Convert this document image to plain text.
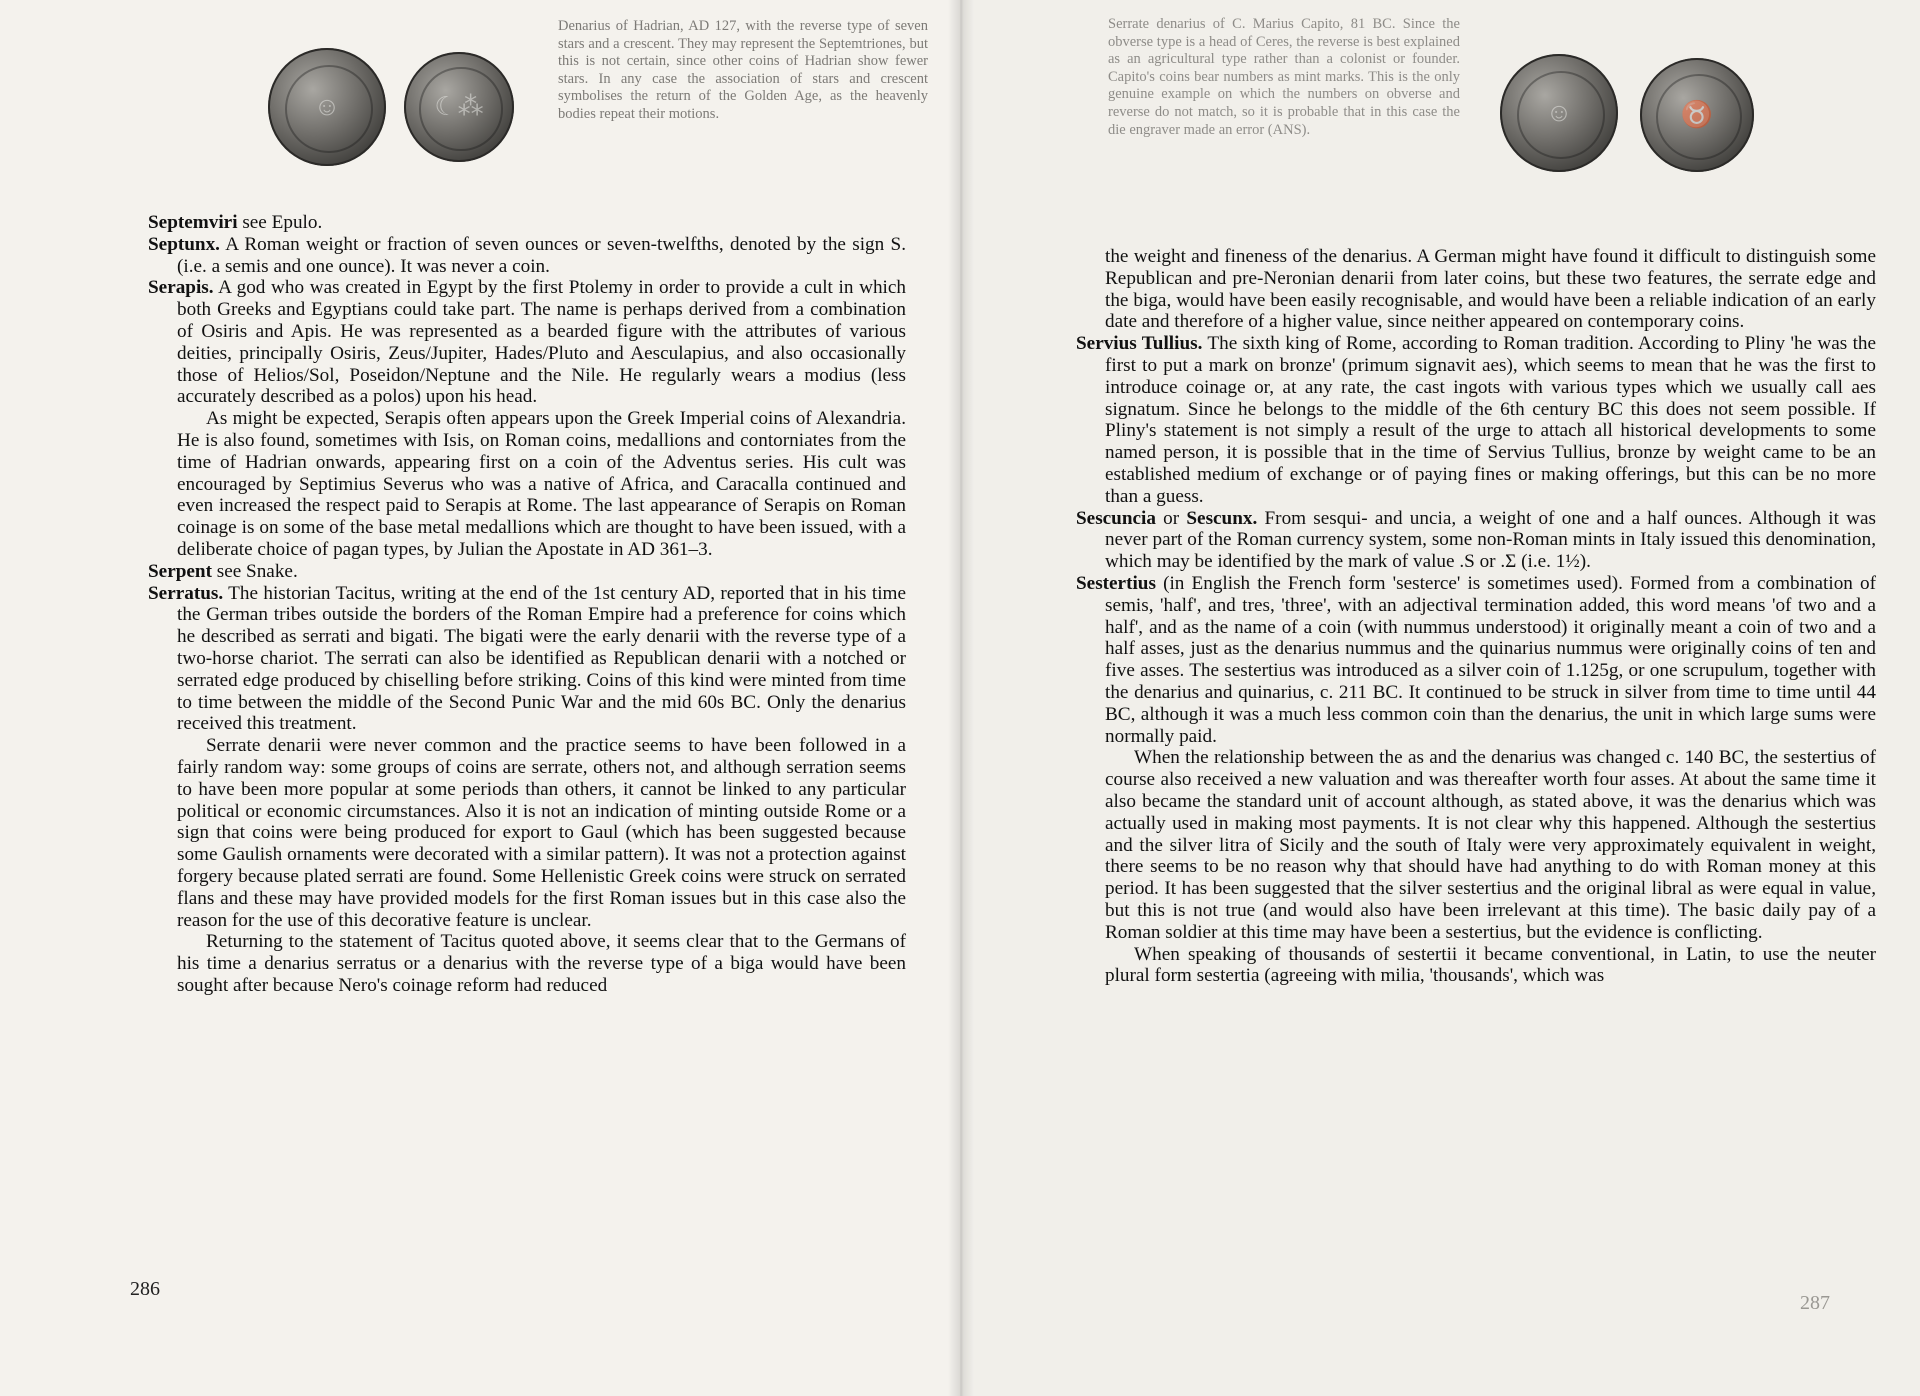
☺	☾⁂
Denarius of Hadrian, AD 127, with the reverse type of seven stars and a crescent. They may represent the Septemtriones, but this is not certain, since other coins of Hadrian show fewer stars. In any case the association of stars and crescent symbolises the return of the Golden Age, as the heavenly bodies repeat their motions.

Septemviri see Epulo.

Septunx. A Roman weight or fraction of seven ounces or seven-twelfths, denoted by the sign S. (i.e. a semis and one ounce). It was never a coin.

Serapis. A god who was created in Egypt by the first Ptolemy in order to provide a cult in which both Greeks and Egyptians could take part. The name is perhaps derived from a combination of Osiris and Apis. He was represented as a bearded figure with the attributes of various deities, principally Osiris, Zeus/Jupiter, Hades/Pluto and Aesculapius, and also occasionally those of Helios/Sol, Poseidon/Neptune and the Nile. He regularly wears a modius (less accurately described as a polos) upon his head.

As might be expected, Serapis often appears upon the Greek Imperial coins of Alexandria. He is also found, sometimes with Isis, on Roman coins, medallions and contorniates from the time of Hadrian onwards, appearing first on a coin of the Adventus series. His cult was encouraged by Septimius Severus who was a native of Africa, and Caracalla continued and even increased the respect paid to Serapis at Rome. The last appearance of Serapis on Roman coinage is on some of the base metal medallions which are thought to have been issued, with a deliberate choice of pagan types, by Julian the Apostate in AD 361–3.

Serpent see Snake.

Serratus. The historian Tacitus, writing at the end of the 1st century AD, reported that in his time the German tribes outside the borders of the Roman Empire had a preference for coins which he described as serrati and bigati. The bigati were the early denarii with the reverse type of a two-horse chariot. The serrati can also be identified as Republican denarii with a notched or serrated edge produced by chiselling before striking. Coins of this kind were minted from time to time between the middle of the Second Punic War and the mid 60s BC. Only the denarius received this treatment.

Serrate denarii were never common and the practice seems to have been followed in a fairly random way: some groups of coins are serrate, others not, and although serration seems to have been more popular at some periods than others, it cannot be linked to any particular political or economic circumstances. Also it is not an indication of minting outside Rome or a sign that coins were being produced for export to Gaul (which has been suggested because some Gaulish ornaments were decorated with a similar pattern). It was not a protection against forgery because plated serrati are found. Some Hellenistic Greek coins were struck on serrated flans and these may have provided models for the first Roman issues but in this case also the reason for the use of this decorative feature is unclear.

Returning to the statement of Tacitus quoted above, it seems clear that to the Germans of his time a denarius serratus or a denarius with the reverse type of a biga would have been sought after because Nero's coinage reform had reduced

286
Serrate denarius of C. Marius Capito, 81 BC. Since the obverse type is a head of Ceres, the reverse is best explained as an agricultural type rather than a colonist or founder. Capito's coins bear numbers as mint marks. This is the only genuine example on which the numbers on obverse and reverse do not match, so it is probable that in this case the die engraver made an error (ANS).
☺	♉

the weight and fineness of the denarius. A German might have found it difficult to distinguish some Republican and pre-Neronian denarii from later coins, but these two features, the serrate edge and the biga, would have been easily recognisable, and would have been a reliable indication of an early date and therefore of a higher value, since neither appeared on contemporary coins.

Servius Tullius. The sixth king of Rome, according to Roman tradition. According to Pliny 'he was the first to put a mark on bronze' (primum signavit aes), which seems to mean that he was the first to introduce coinage or, at any rate, the cast ingots with various types which we usually call aes signatum. Since he belongs to the middle of the 6th century BC this does not seem possible. If Pliny's statement is not simply a result of the urge to attach all historical developments to some named person, it is possible that in the time of Servius Tullius, bronze by weight came to be an established medium of exchange or of paying fines or making offerings, but this can be no more than a guess.

Sescuncia or Sescunx. From sesqui- and uncia, a weight of one and a half ounces. Although it was never part of the Roman currency system, some non-Roman mints in Italy issued this denomination, which may be identified by the mark of value .S or .Σ (i.e. 1½).

Sestertius (in English the French form 'sesterce' is sometimes used). Formed from a combination of semis, 'half', and tres, 'three', with an adjectival termination added, this word means 'of two and a half', and as the name of a coin (with nummus understood) it originally meant a coin of two and a half asses, just as the denarius nummus and the quinarius nummus were originally coins of ten and five asses. The sestertius was introduced as a silver coin of 1.125g, or one scrupulum, together with the denarius and quinarius, c. 211 BC. It continued to be struck in silver from time to time until 44 BC, although it was a much less common coin than the denarius, the unit in which large sums were normally paid.

When the relationship between the as and the denarius was changed c. 140 BC, the sestertius of course also received a new valuation and was thereafter worth four asses. At about the same time it also became the standard unit of account although, as stated above, it was the denarius which was actually used in making most payments. It is not clear why this happened. Although the sestertius and the silver litra of Sicily and the south of Italy were very approximately equivalent in weight, there seems to be no reason why that should have had anything to do with Roman money at this period. It has been suggested that the silver sestertius and the original libral as were equal in value, but this is not true (and would also have been irrelevant at this time). The basic daily pay of a Roman soldier at this time may have been a sestertius, but the evidence is conflicting.

When speaking of thousands of sestertii it became conventional, in Latin, to use the neuter plural form sestertia (agreeing with milia, 'thousands', which was

287
